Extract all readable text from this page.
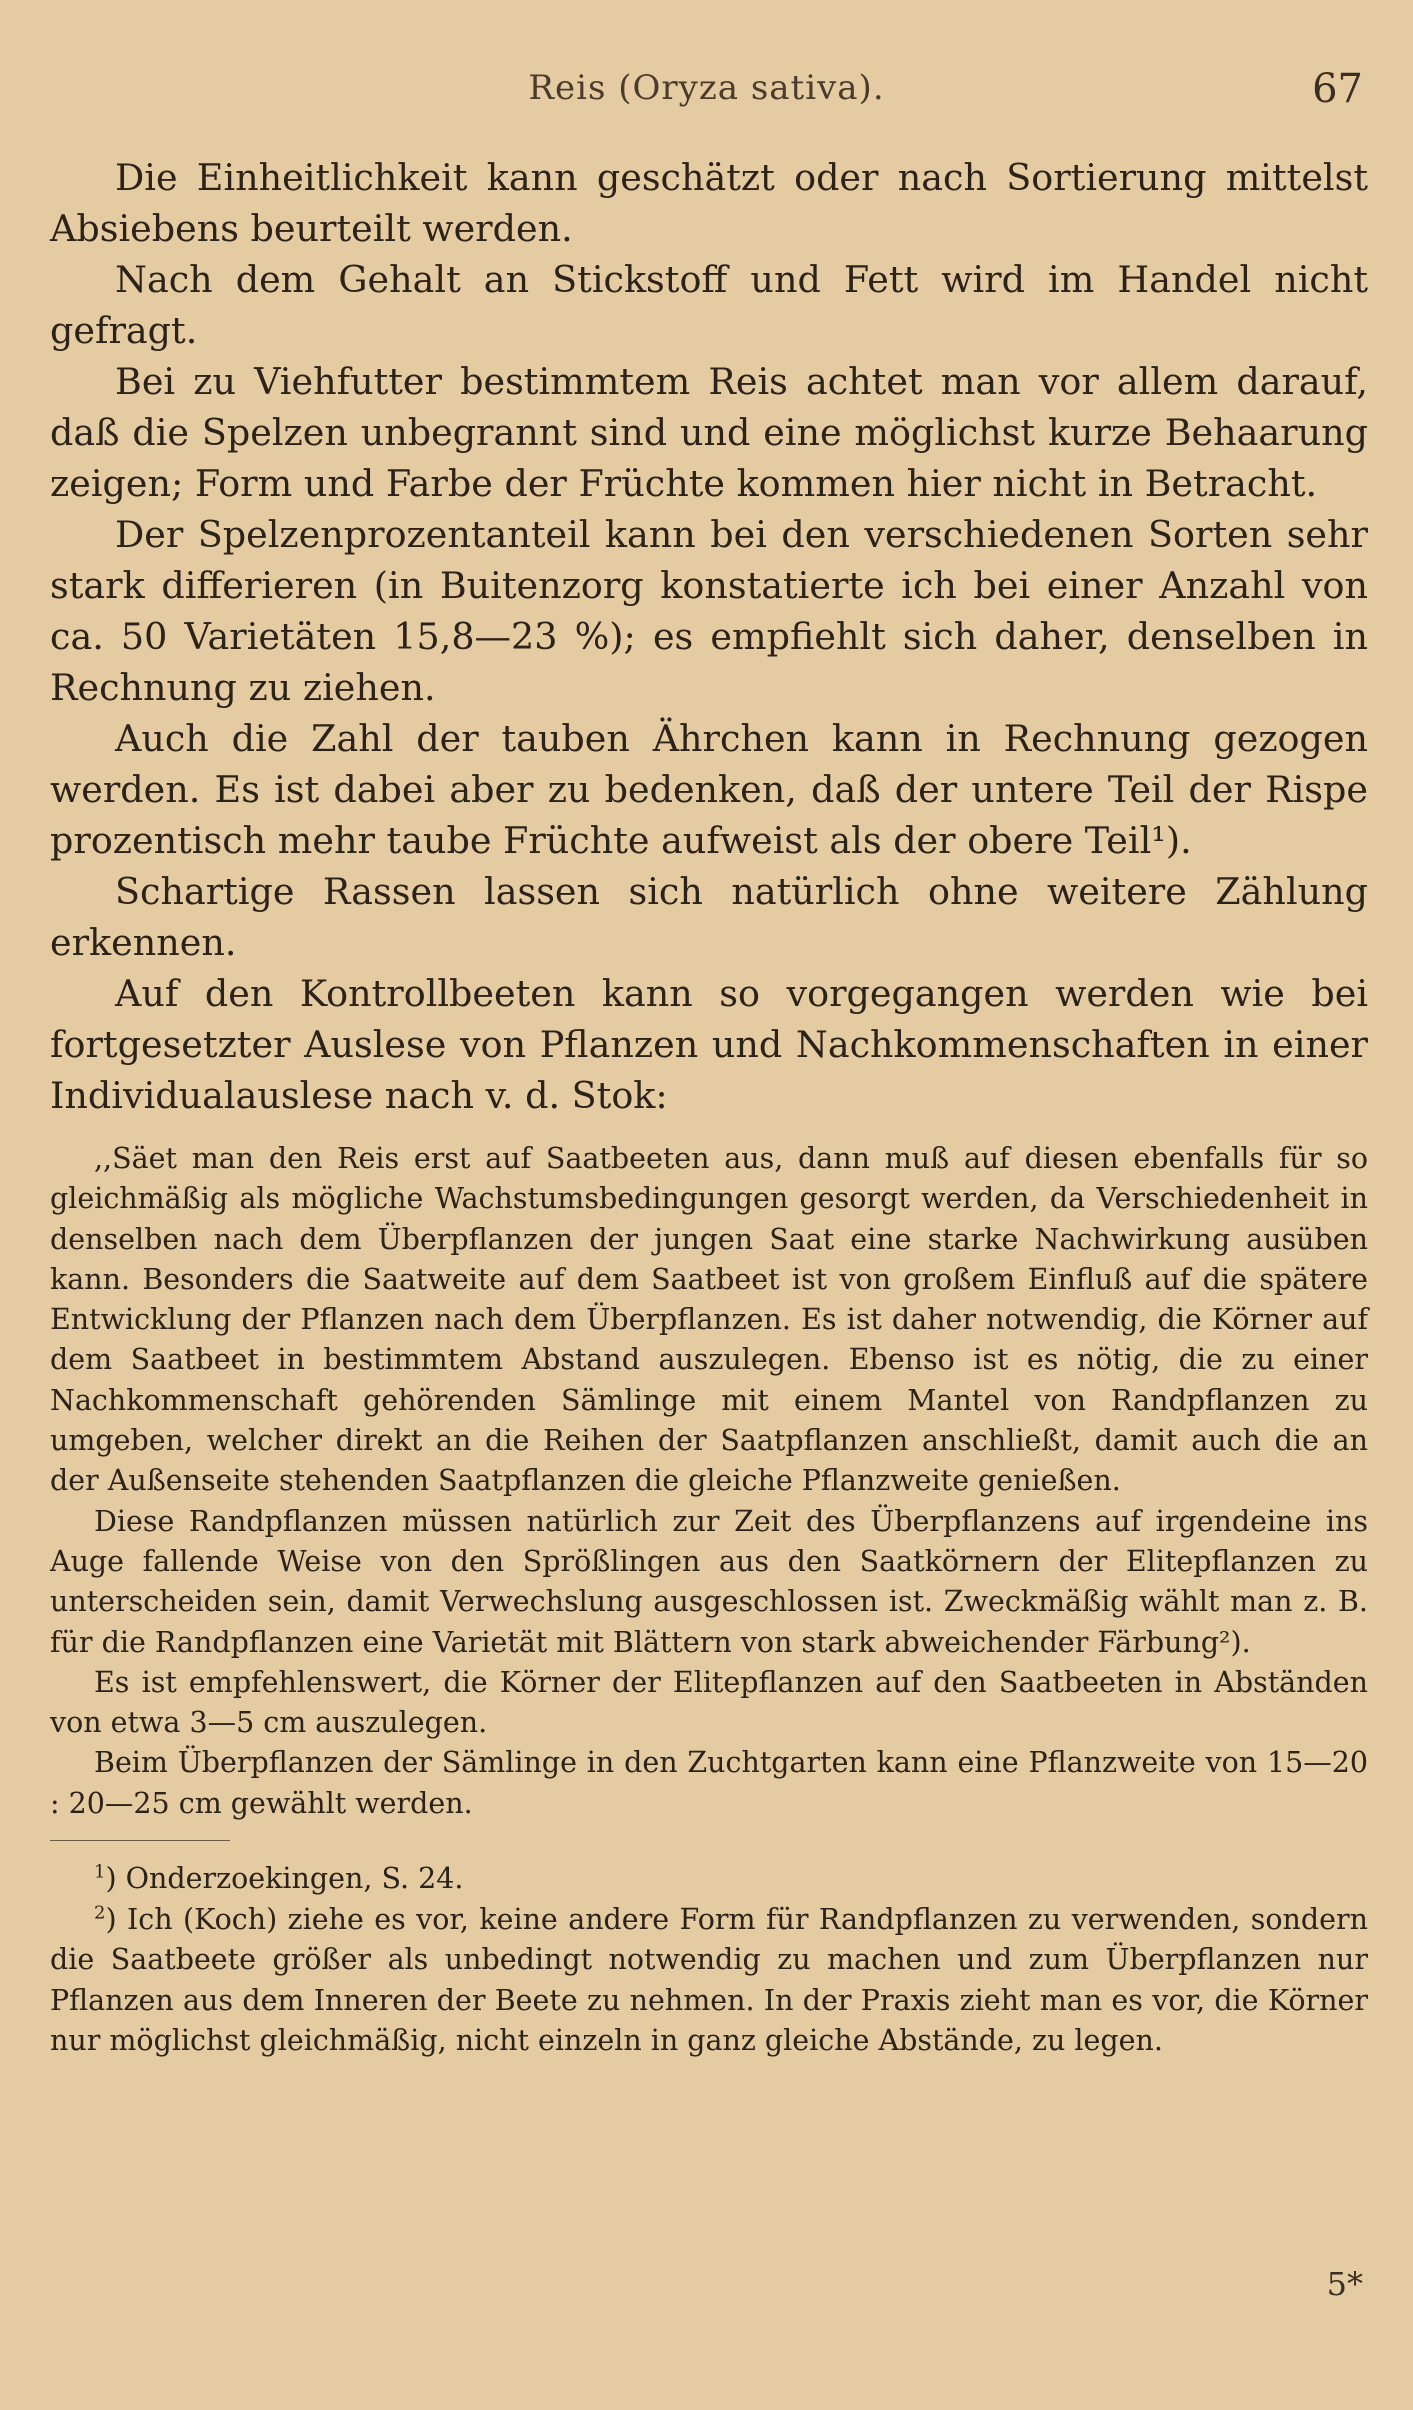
Reis (Oryza sativa).	67

Die Einheitlichkeit kann geschätzt oder nach Sortierung mittelst Absiebens beurteilt werden.

Nach dem Gehalt an Stickstoff und Fett wird im Handel nicht gefragt.

Bei zu Viehfutter bestimmtem Reis achtet man vor allem darauf, daß die Spelzen unbegrannt sind und eine möglichst kurze Behaarung zeigen; Form und Farbe der Früchte kommen hier nicht in Betracht.

Der Spelzenprozentanteil kann bei den verschiedenen Sorten sehr stark differieren (in Buitenzorg konstatierte ich bei einer Anzahl von ca. 50 Varietäten 15,8—23 %); es empfiehlt sich daher, denselben in Rechnung zu ziehen.

Auch die Zahl der tauben Ährchen kann in Rechnung gezogen werden. Es ist dabei aber zu bedenken, daß der untere Teil der Rispe prozentisch mehr taube Früchte aufweist als der obere Teil¹).

Schartige Rassen lassen sich natürlich ohne weitere Zählung erkennen.

Auf den Kontrollbeeten kann so vorgegangen werden wie bei fortgesetzter Auslese von Pflanzen und Nachkommenschaften in einer Individualauslese nach v. d. Stok:

,,Säet man den Reis erst auf Saatbeeten aus, dann muß auf diesen ebenfalls für so gleichmäßig als mögliche Wachstumsbedingungen gesorgt werden, da Verschiedenheit in denselben nach dem Überpflanzen der jungen Saat eine starke Nachwirkung ausüben kann. Besonders die Saatweite auf dem Saatbeet ist von großem Einfluß auf die spätere Entwicklung der Pflanzen nach dem Überpflanzen. Es ist daher notwendig, die Körner auf dem Saatbeet in bestimmtem Abstand auszulegen. Ebenso ist es nötig, die zu einer Nachkommenschaft gehörenden Sämlinge mit einem Mantel von Randpflanzen zu umgeben, welcher direkt an die Reihen der Saatpflanzen anschließt, damit auch die an der Außenseite stehenden Saatpflanzen die gleiche Pflanzweite genießen.

Diese Randpflanzen müssen natürlich zur Zeit des Überpflanzens auf irgendeine ins Auge fallende Weise von den Sprößlingen aus den Saatkörnern der Elitepflanzen zu unterscheiden sein, damit Verwechslung ausgeschlossen ist. Zweckmäßig wählt man z. B. für die Randpflanzen eine Varietät mit Blättern von stark abweichender Färbung²).

Es ist empfehlenswert, die Körner der Elitepflanzen auf den Saatbeeten in Abständen von etwa 3—5 cm auszulegen.

Beim Überpflanzen der Sämlinge in den Zuchtgarten kann eine Pflanzweite von 15—20 : 20—25 cm gewählt werden.

$^1$) Onderzoekingen, S. 24.

$^2$) Ich (Koch) ziehe es vor, keine andere Form für Randpflanzen zu verwenden, sondern die Saatbeete größer als unbedingt notwendig zu machen und zum Überpflanzen nur Pflanzen aus dem Inneren der Beete zu nehmen. In der Praxis zieht man es vor, die Körner nur möglichst gleichmäßig, nicht einzeln in ganz gleiche Abstände, zu legen.

5*
